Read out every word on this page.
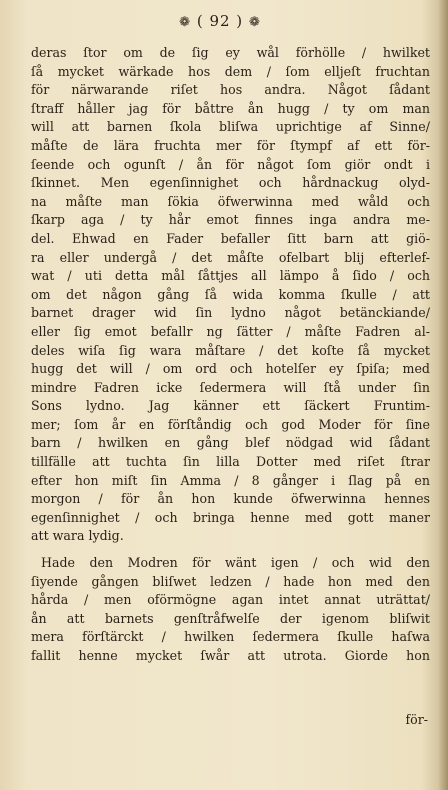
❁ ( 92 ) ❁
deras ſtor om de ſig ey wål förhölle / hwilket
ſå mycket wärkade hos dem / ſom elljeſt fruchtan
för närwarande riſet hos andra. Något ſådant
ſtraff håller jag för båttre ån hugg / ty om man
will att barnen ſkola bliſwa uprichtige af Sinne/
måſte de lära fruchta mer för ſtympf af ett för-
ſeende och ogunſt / ån för något ſom giör ondt i
ſkinnet. Men egenſinnighet och hårdnackug olyd-
na måſte man ſökia öfwerwinna med wåld och
ſkarp aga / ty hår emot finnes inga andra me-
del. Ehwad en Fader befaller ſitt barn att giö-
ra eller undergå / det måſte ofelbart blij efterlef-
wat / uti detta mål ſåttjes all lämpo å ſido / och
om det någon gång ſå wida komma ſkulle / att
barnet drager wid ſin lydno något betänckiande/
eller ſig emot befallr ng ſätter / måſte Fadren al-
deles wiſa ſig wara måſtare / det koſte ſå mycket
hugg det will / om ord och hotelſer ey ſpiſa; med
mindre Fadren icke ſedermera will ſtå under ſin
Sons lydno. Jag känner ett ſäckert Fruntim-
mer; ſom år en förſtåndig och god Moder för ſine
barn / hwilken en gång blef nödgad wid ſådant
tillfälle att tuchta ſin lilla Dotter med riſet ſtrar
efter hon miſt ſin Amma / 8 gånger i ſlag på en
morgon / för ån hon kunde öfwerwinna hennes
egenſinnighet / och bringa henne med gott maner
att wara lydig.
Hade den Modren för wänt igen / och wid den
ſiyende gången bliſwet ledzen / hade hon med den
hårda / men oförmögne agan intet annat uträttat/
ån att barnets genſtråfwelſe der igenom bliſwit
mera förſtärckt / hwilken ſedermera ſkulle haſwa
fallit henne mycket ſwår att utrota. Giorde hon
för-
